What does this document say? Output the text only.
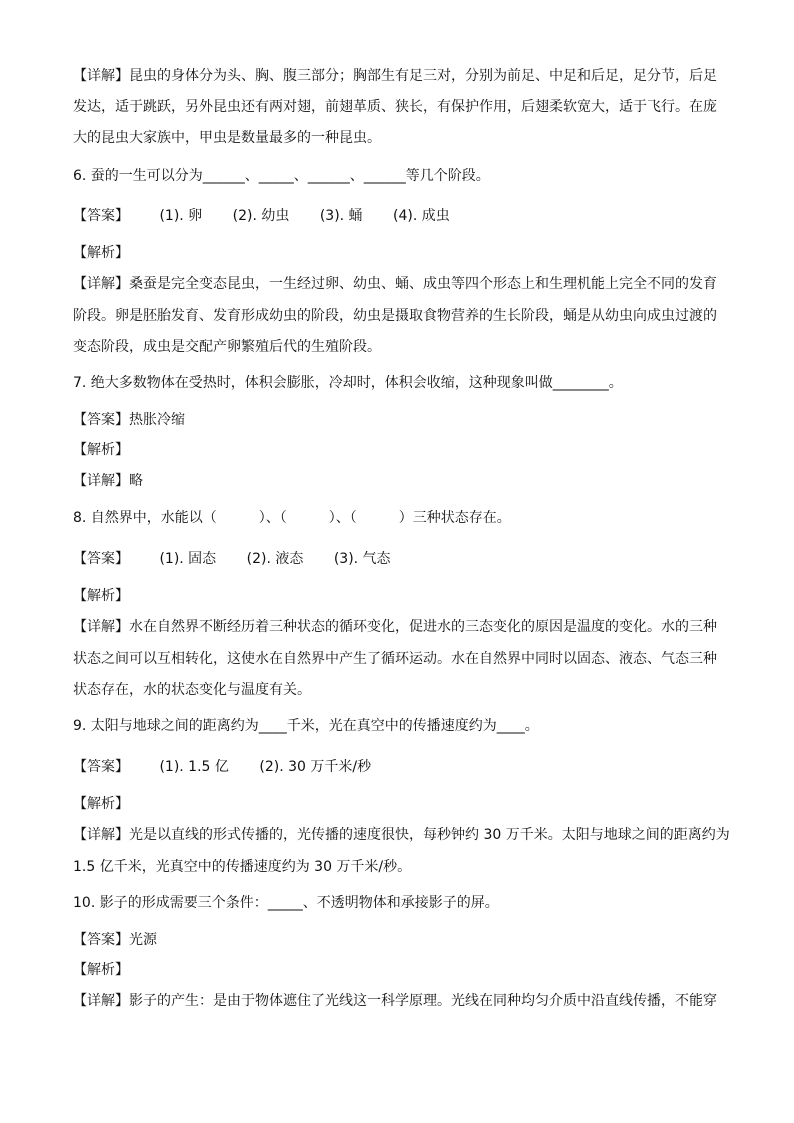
【详解】昆虫的身体分为头、胸、腹三部分；胸部生有足三对，分别为前足、中足和后足，足分节，后足
发达，适于跳跃，另外昆虫还有两对翅，前翅革质、狭长，有保护作用，后翅柔软宽大，适于飞行。在庞
大的昆虫大家族中，甲虫是数量最多的一种昆虫。
6. 蚕的一生可以分为______、_____、______、______等几个阶段。
【答案】 (1). 卵 (2). 幼虫 (3). 蛹 (4). 成虫
【解析】
【详解】桑蚕是完全变态昆虫，一生经过卵、幼虫、蛹、成虫等四个形态上和生理机能上完全不同的发育
阶段。卵是胚胎发育、发育形成幼虫的阶段，幼虫是摄取食物营养的生长阶段，蛹是从幼虫向成虫过渡的
变态阶段，成虫是交配产卵繁殖后代的生殖阶段。
7. 绝大多数物体在受热时，体积会膨胀，冷却时，体积会收缩，这种现象叫做________。
【答案】热胀冷缩
【解析】
【详解】略
8. 自然界中，水能以（　　　）、（　　　）、（　　　）三种状态存在。
【答案】 (1). 固态 (2). 液态 (3). 气态
【解析】
【详解】水在自然界不断经历着三种状态的循环变化，促进水的三态变化的原因是温度的变化。水的三种
状态之间可以互相转化，这使水在自然界中产生了循环运动。水在自然界中同时以固态、液态、气态三种
状态存在，水的状态变化与温度有关。
9. 太阳与地球之间的距离约为____千米，光在真空中的传播速度约为____。
【答案】 (1). 1.5 亿 (2). 30 万千米/秒
【解析】
【详解】光是以直线的形式传播的，光传播的速度很快，每秒钟约 30 万千米。太阳与地球之间的距离约为
1.5 亿千米，光真空中的传播速度约为 30 万千米/秒。
10. 影子的形成需要三个条件：_____、不透明物体和承接影子的屏。
【答案】光源
【解析】
【详解】影子的产生：是由于物体遮住了光线这一科学原理。光线在同种均匀介质中沿直线传播，不能穿
